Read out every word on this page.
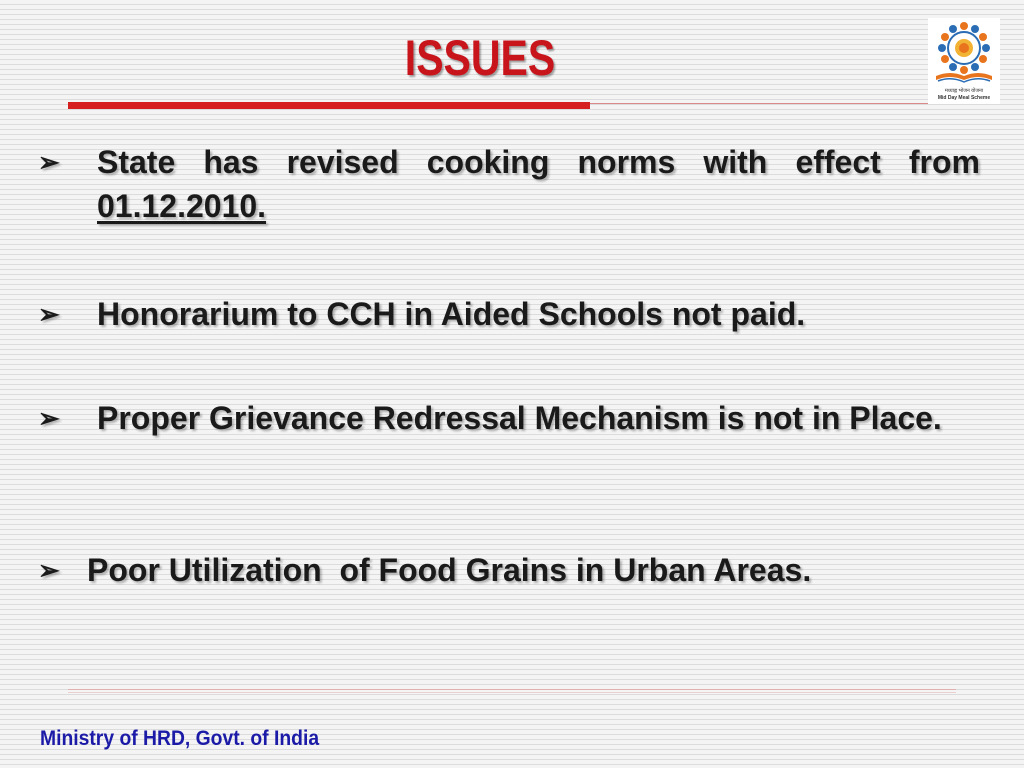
ISSUES
मध्याह्न भोजन योजना
Mid Day Meal Scheme
➢ State has revised cooking norms with effect from 01.12.2010.
➢ Honorarium to CCH in Aided Schools not paid.
➢ Proper Grievance Redressal Mechanism is not in Place.
➢ Poor Utilization  of Food Grains in Urban Areas.
Ministry of HRD, Govt. of India
